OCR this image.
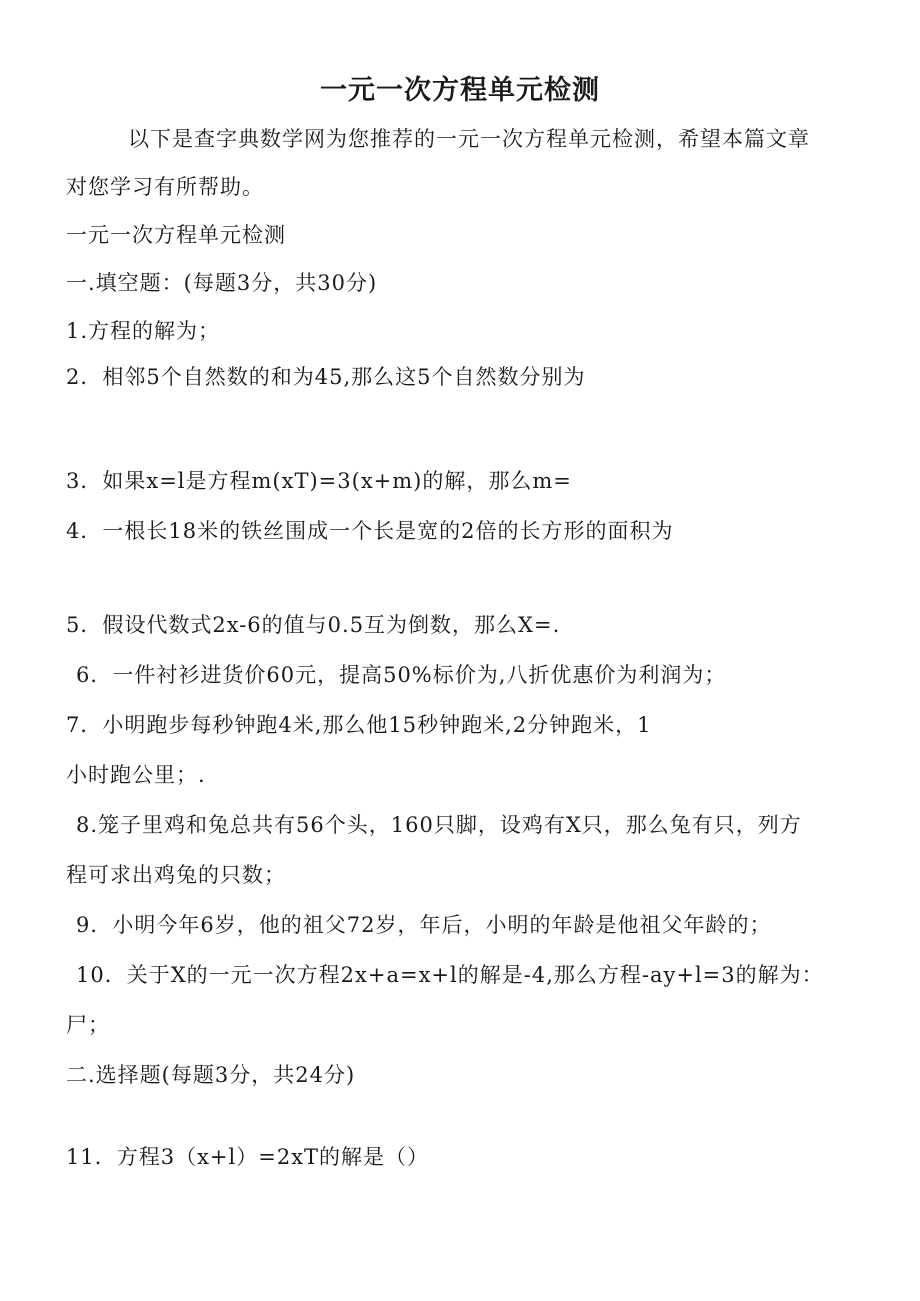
一元一次方程单元检测
以下是查字典数学网为您推荐的一元一次方程单元检测，希望本篇文章
对您学习有所帮助。
一元一次方程单元检测
一.填空题：(每题3分，共30分)
1.方程的解为；
2．相邻5个自然数的和为45,那么这5个自然数分别为
3．如果x=l是方程m(xT)=3(x+m)的解，那么m=
4．一根长18米的铁丝围成一个长是宽的2倍的长方形的面积为
5．假设代数式2x-6的值与0.5互为倒数，那么X=.
6．一件衬衫进货价60元，提高50%标价为,八折优惠价为利润为；
7．小明跑步每秒钟跑4米,那么他15秒钟跑米,2分钟跑米，1
小时跑公里；.
8.笼子里鸡和兔总共有56个头，160只脚，设鸡有X只，那么兔有只，列方
程可求出鸡兔的只数；
9．小明今年6岁，他的祖父72岁，年后，小明的年龄是他祖父年龄的；
10．关于X的一元一次方程2x+a=x+l的解是-4,那么方程-ay+l=3的解为：
尸；
二.选择题(每题3分，共24分)
11．方程3（x+l）=2xT的解是（）
